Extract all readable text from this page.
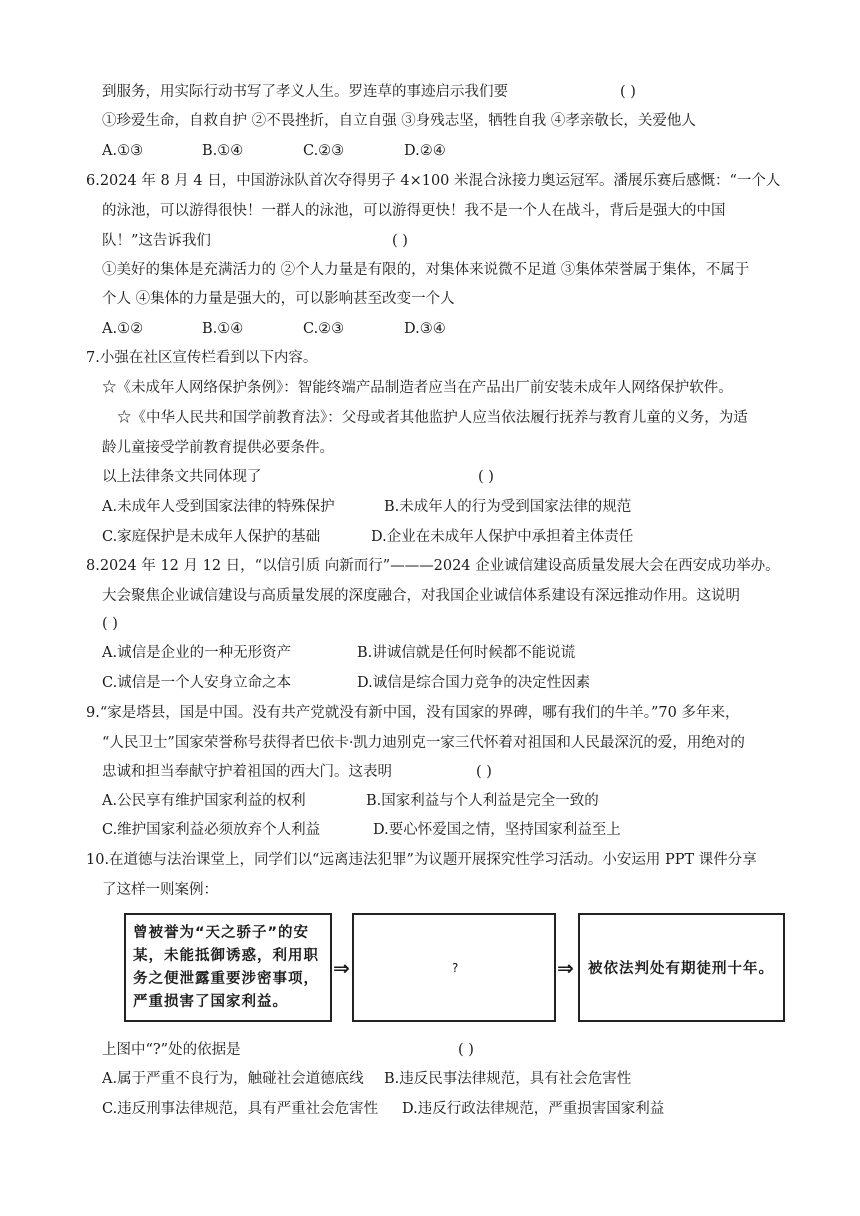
到服务，用实际行动书写了孝义人生。罗连草的事迹启示我们要	( )
①珍爱生命，自救自护 ②不畏挫折，自立自强 ③身残志坚，牺牲自我 ④孝亲敬长，关爱他人
A.①③	B.①④	C.②③	D.②④
6.2024 年 8 月 4 日，中国游泳队首次夺得男子 4×100 米混合泳接力奥运冠军。潘展乐赛后感慨：“一个人
的泳池，可以游得很快！一群人的泳池，可以游得更快！我不是一个人在战斗，背后是强大的中国
队！”这告诉我们	( )
①美好的集体是充满活力的 ②个人力量是有限的，对集体来说微不足道 ③集体荣誉属于集体，不属于
个人 ④集体的力量是强大的，可以影响甚至改变一个人
A.①②	B.①④	C.②③	D.③④
7.小强在社区宣传栏看到以下内容。
☆《未成年人网络保护条例》：智能终端产品制造者应当在产品出厂前安装未成年人网络保护软件。
☆《中华人民共和国学前教育法》：父母或者其他监护人应当依法履行抚养与教育儿童的义务，为适
龄儿童接受学前教育提供必要条件。
以上法律条文共同体现了	( )
A.未成年人受到国家法律的特殊保护	B.未成年人的行为受到国家法律的规范
C.家庭保护是未成年人保护的基础	D.企业在未成年人保护中承担着主体责任
8.2024 年 12 月 12 日，“以信引质 向新而行”———2024 企业诚信建设高质量发展大会在西安成功举办。
大会聚焦企业诚信建设与高质量发展的深度融合，对我国企业诚信体系建设有深远推动作用。这说明
( )
A.诚信是企业的一种无形资产	B.讲诚信就是任何时候都不能说谎
C.诚信是一个人安身立命之本	D.诚信是综合国力竞争的决定性因素
9.“家是塔县，国是中国。没有共产党就没有新中国，没有国家的界碑，哪有我们的牛羊。”70 多年来，
“人民卫士”国家荣誉称号获得者巴依卡·凯力迪别克一家三代怀着对祖国和人民最深沉的爱，用绝对的
忠诚和担当奉献守护着祖国的西大门。这表明	( )
A.公民享有维护国家利益的权利	B.国家利益与个人利益是完全一致的
C.维护国家利益必须放弃个人利益	D.要心怀爱国之情，坚持国家利益至上
10.在道德与法治课堂上，同学们以“远离违法犯罪”为议题开展探究性学习活动。小安运用 PPT 课件分享
了这样一则案例：
曾被誉为“天之骄子”的安
某，未能抵御诱惑，利用职
务之便泄露重要涉密事项，
严重损害了国家利益。
⇒	?	⇒ 被依法判处有期徒刑十年。
上图中“?”处的依据是	( )
A.属于严重不良行为，触碰社会道德底线 B.违反民事法律规范，具有社会危害性
C.违反刑事法律规范，具有严重社会危害性 D.违反行政法律规范，严重损害国家利益
